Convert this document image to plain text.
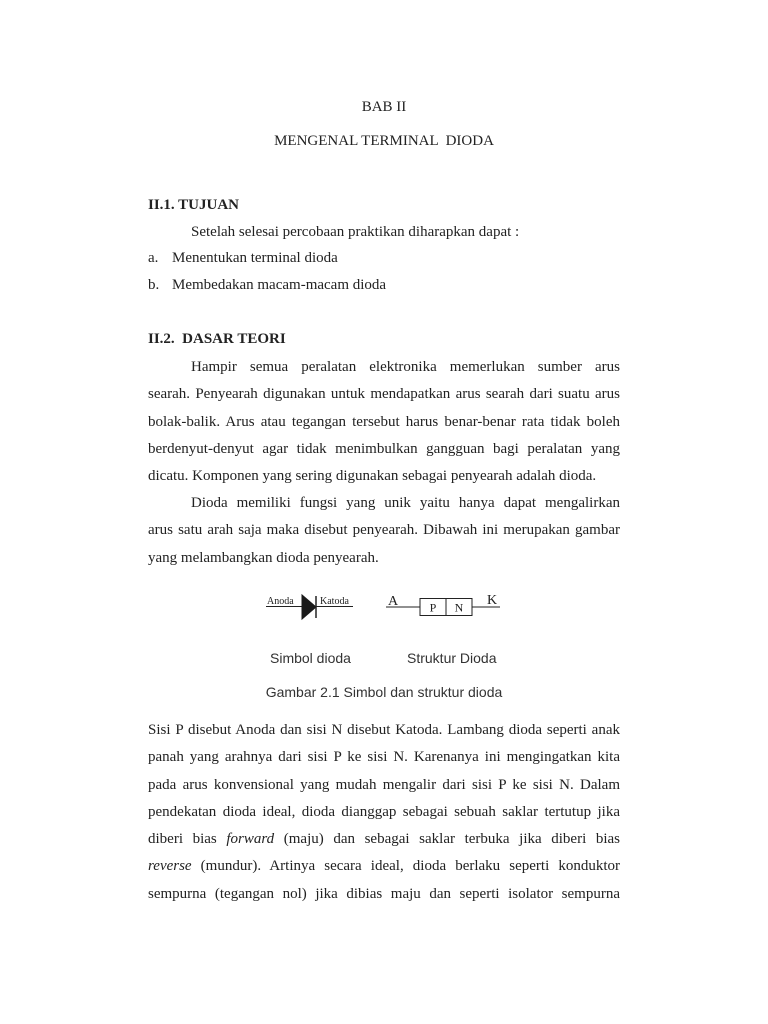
BAB II
MENGENAL TERMINAL  DIODA
II.1. TUJUAN
Setelah selesai percobaan praktikan diharapkan dapat :
a. Menentukan terminal dioda
b. Membedakan macam-macam dioda
II.2.  DASAR TEORI
Hampir semua peralatan elektronika memerlukan sumber arus
searah. Penyearah digunakan untuk mendapatkan arus searah dari suatu arus
bolak-balik. Arus atau tegangan tersebut harus benar-benar rata tidak boleh
berdenyut-denyut agar tidak menimbulkan gangguan bagi peralatan yang
dicatu. Komponen yang sering digunakan sebagai penyearah adalah dioda.
Dioda memiliki fungsi yang unik yaitu hanya dapat mengalirkan
arus satu arah saja maka disebut penyearah. Dibawah ini merupakan gambar
yang melambangkan dioda penyearah.
Anoda	Katoda	A	P N K
Simbol dioda	Struktur Dioda
Gambar 2.1 Simbol dan struktur dioda
Sisi P disebut Anoda dan sisi N disebut Katoda. Lambang dioda seperti anak
panah yang arahnya dari sisi P ke sisi N. Karenanya ini mengingatkan kita
pada arus konvensional yang mudah mengalir dari sisi P ke sisi N. Dalam
pendekatan dioda ideal, dioda dianggap sebagai sebuah saklar tertutup jika
diberi bias forward (maju) dan sebagai saklar terbuka jika diberi bias
reverse (mundur). Artinya secara ideal, dioda berlaku seperti konduktor
sempurna (tegangan nol) jika dibias maju dan seperti isolator sempurna
